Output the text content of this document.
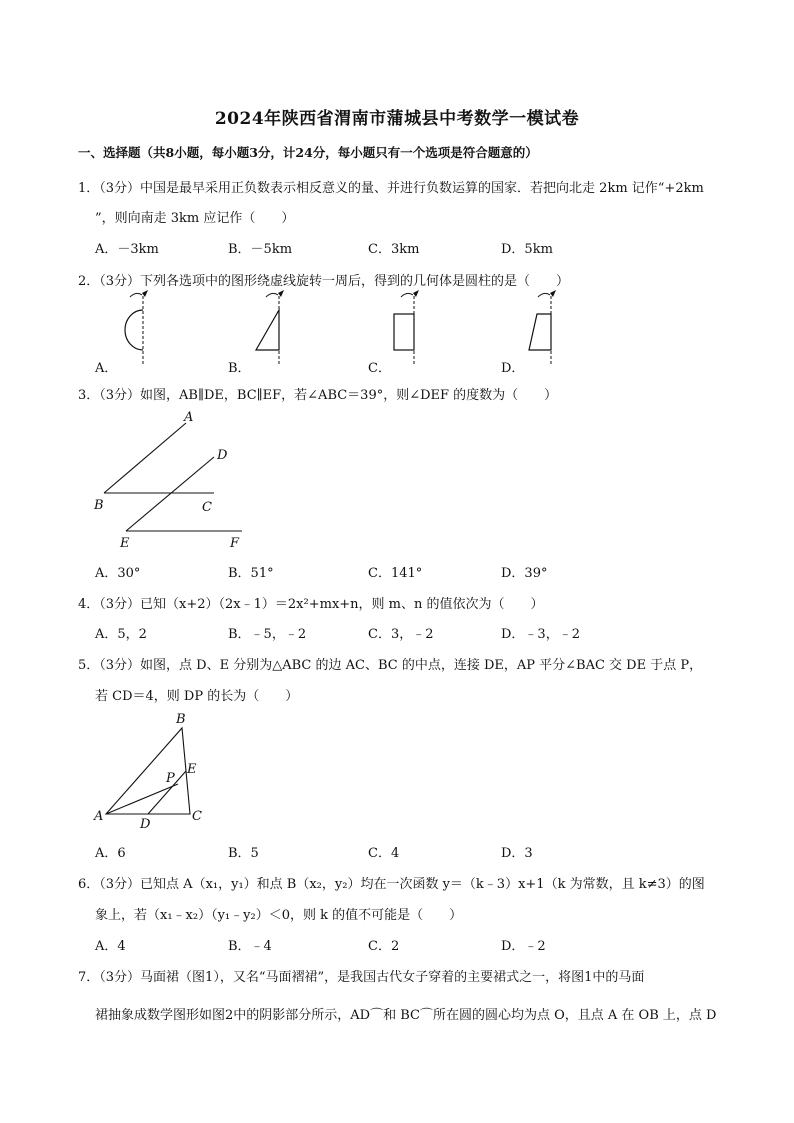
2024年陕西省渭南市蒲城县中考数学一模试卷
一、选择题（共8小题，每小题3分，计24分，每小题只有一个选项是符合题意的）
1．（3分）中国是最早采用正负数表示相反意义的量、并进行负数运算的国家．若把向北走 2km 记作“+2km
”，则向南走 3km 应记作（　　）
A．－3km	B．－5km	C．3km	D．5km
2．（3分）下列各选项中的图形绕虚线旋转一周后，得到的几何体是圆柱的是（　　）
A．	B．	C．	D．
3．（3分）如图，AB∥DE，BC∥EF，若∠ABC＝39°，则∠DEF 的度数为（　　）
A
D
B	C
E	F
A．30°	B．51°	C．141°	D．39°
4．（3分）已知（x+2）（2x﹣1）＝2x²+mx+n，则 m、n 的值依次为（　　）
A．5，2	B．﹣5，﹣2	C．3，﹣2	D．﹣3，﹣2
5．（3分）如图，点 D、E 分别为△ABC 的边 AC、BC 的中点，连接 DE，AP 平分∠BAC 交 DE 于点 P，
若 CD＝4，则 DP 的长为（　　）
B
P
E
A
D
C
A．6	B．5	C．4	D．3
6．（3分）已知点 A（x₁，y₁）和点 B（x₂，y₂）均在一次函数 y＝（k﹣3）x+1（k 为常数，且 k≠3）的图
象上，若（x₁﹣x₂）（y₁﹣y₂）＜0，则 k 的值不可能是（　　）
A．4	B．﹣4	C．2	D．﹣2
7．（3分）马面裙（图1），又名“马面褶裙”，是我国古代女子穿着的主要裙式之一，将图1中的马面
裙抽象成数学图形如图2中的阴影部分所示，AD⌒和 BC⌒所在圆的圆心均为点 O，且点 A 在 OB 上，点 D
